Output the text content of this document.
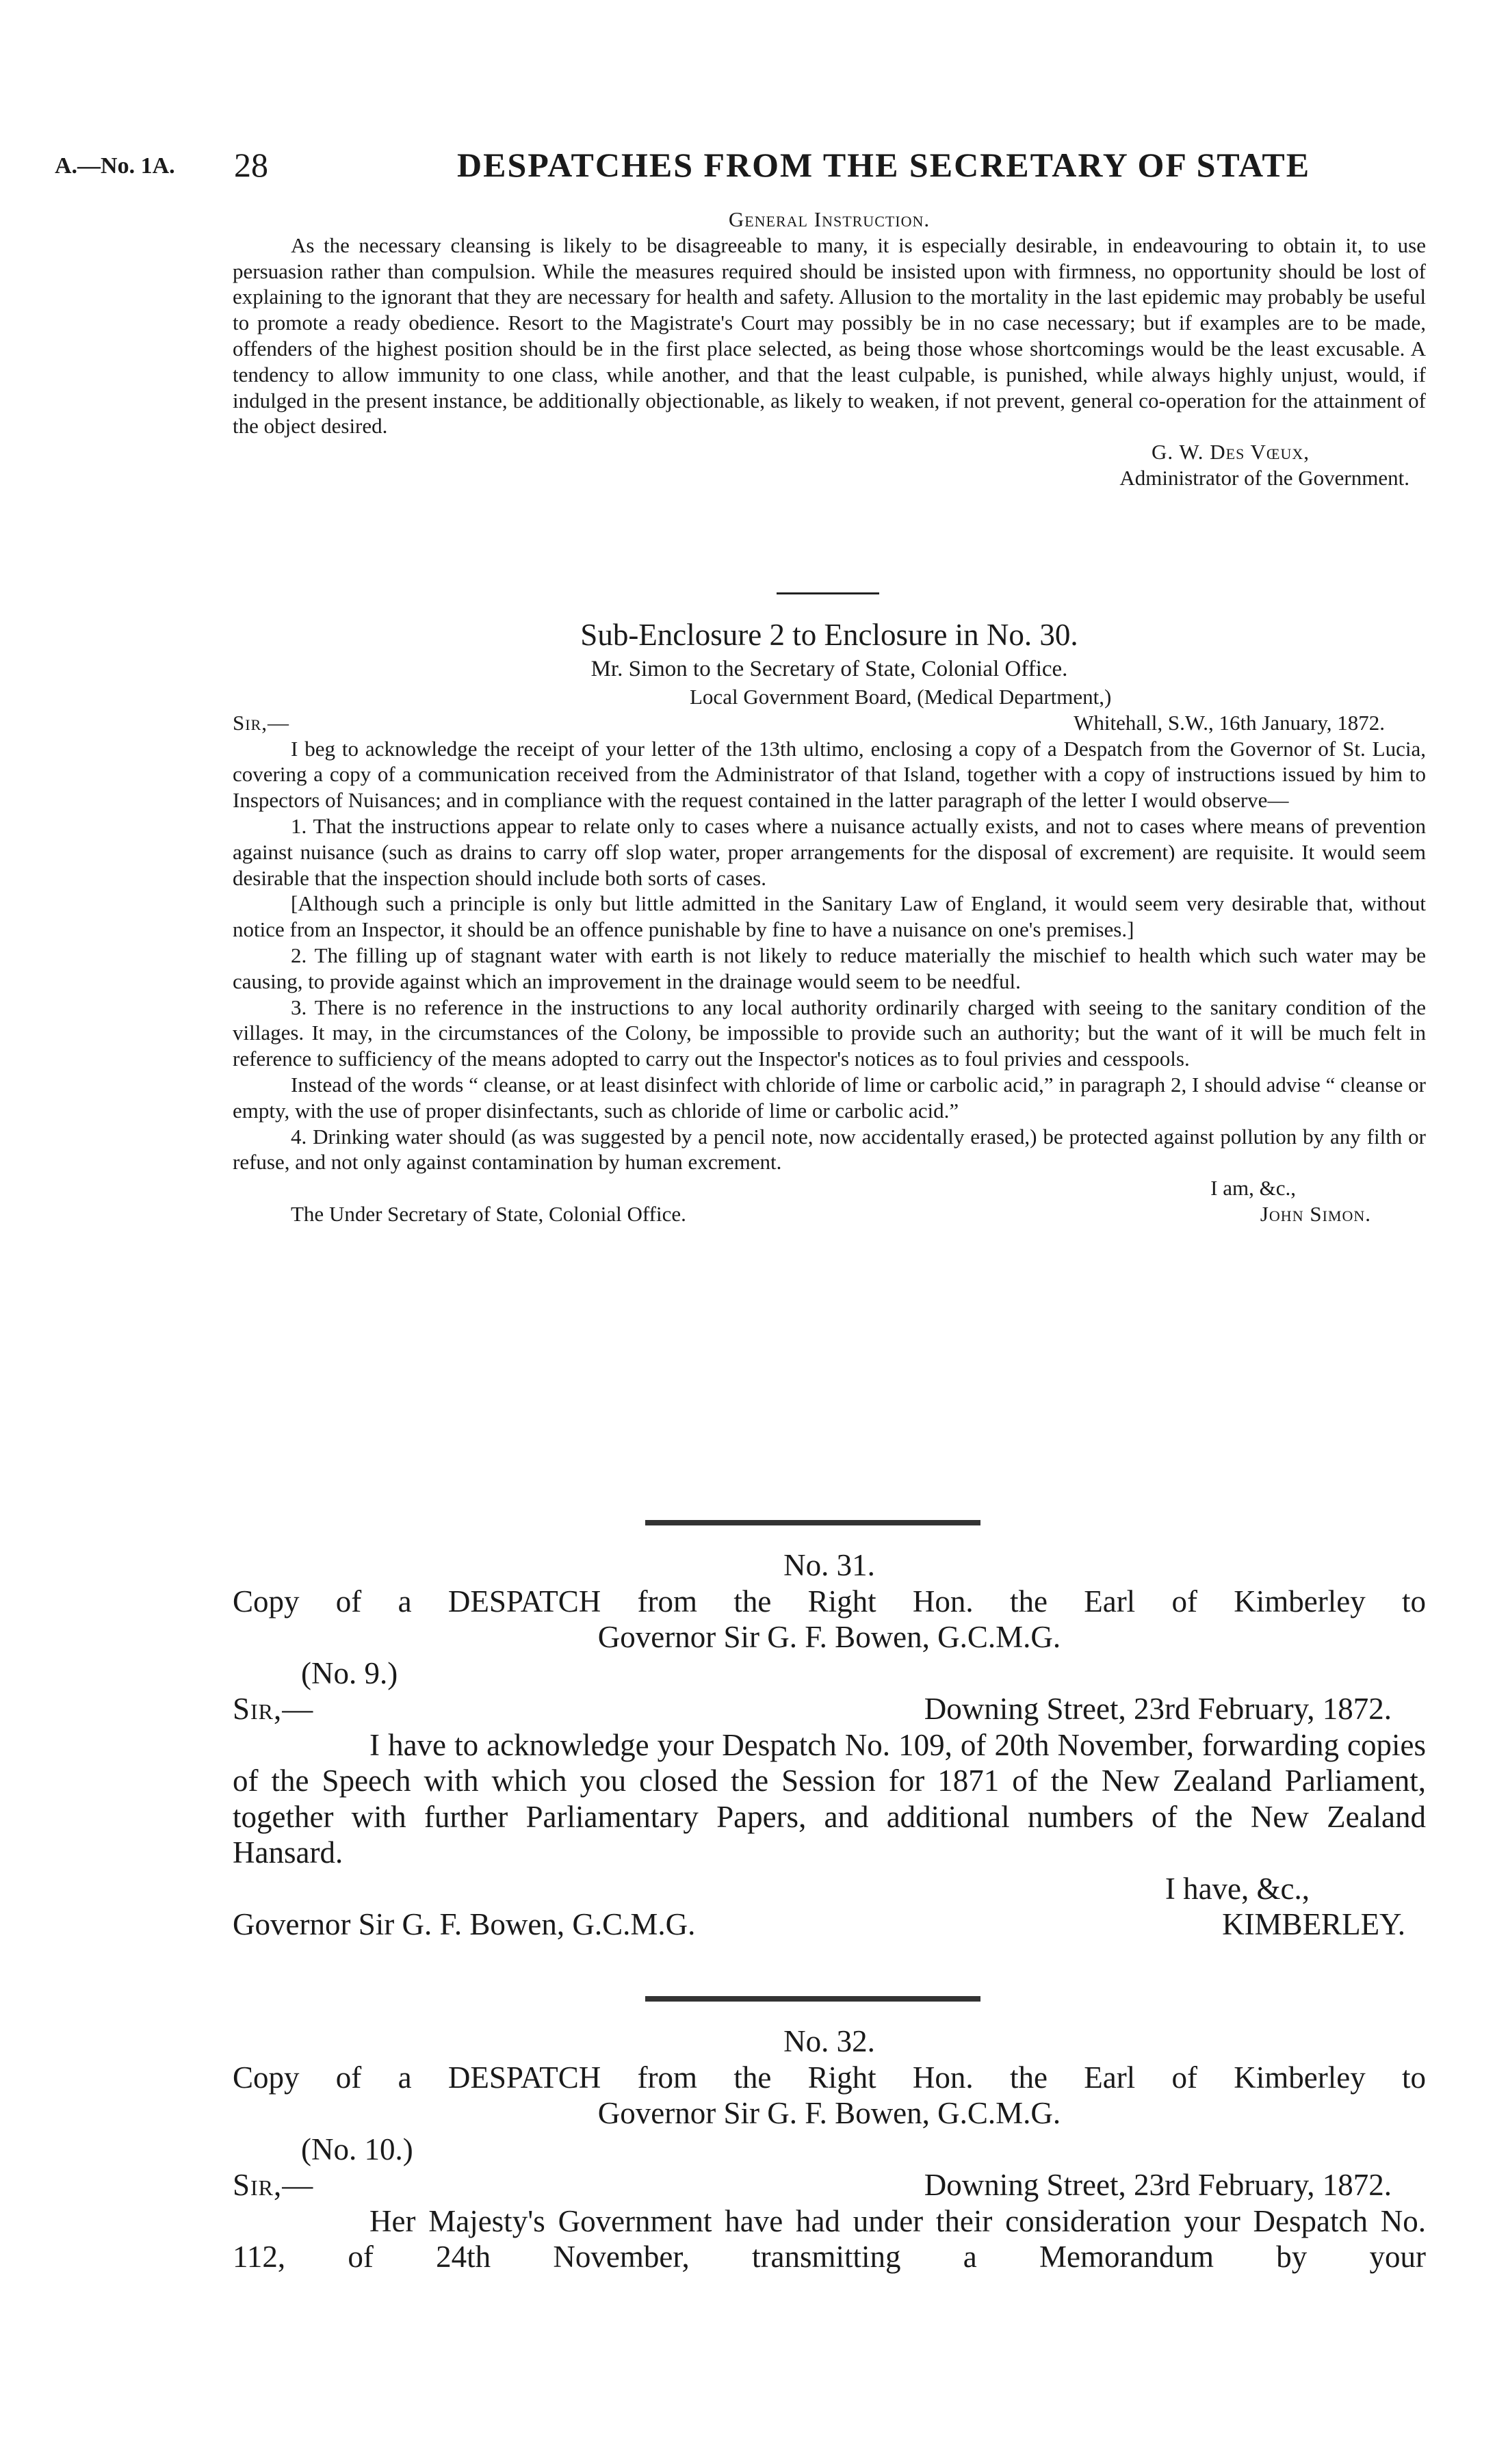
A.—No. 1A. 28	DESPATCHES FROM THE SECRETARY OF STATE

General Instruction.

As the necessary cleansing is likely to be disagreeable to many, it is especially desirable, in endeavouring to obtain it, to use persuasion rather than compulsion. While the measures required should be insisted upon with firmness, no opportunity should be lost of explaining to the ignorant that they are necessary for health and safety. Allusion to the mortality in the last epidemic may probably be useful to promote a ready obedience. Resort to the Magistrate's Court may possibly be in no case necessary; but if examples are to be made, offenders of the highest position should be in the first place selected, as being those whose shortcomings would be the least excusable. A tendency to allow immunity to one class, while another, and that the least culpable, is punished, while always highly unjust, would, if indulged in the present instance, be additionally objectionable, as likely to weaken, if not prevent, general co-operation for the attainment of the object desired.

G. W. Des Vœux,

Administrator of the Government.

Sub-Enclosure 2 to Enclosure in No. 30.

Mr. Simon to the Secretary of State, Colonial Office.

Local Government Board, (Medical Department,)

Sir,—	Whitehall, S.W., 16th January, 1872.

I beg to acknowledge the receipt of your letter of the 13th ultimo, enclosing a copy of a Despatch from the Governor of St. Lucia, covering a copy of a communication received from the Administrator of that Island, together with a copy of instructions issued by him to Inspectors of Nuisances; and in compliance with the request contained in the latter paragraph of the letter I would observe—

1. That the instructions appear to relate only to cases where a nuisance actually exists, and not to cases where means of prevention against nuisance (such as drains to carry off slop water, proper arrangements for the disposal of excrement) are requisite. It would seem desirable that the inspection should include both sorts of cases.

[Although such a principle is only but little admitted in the Sanitary Law of England, it would seem very desirable that, without notice from an Inspector, it should be an offence punishable by fine to have a nuisance on one's premises.]

2. The filling up of stagnant water with earth is not likely to reduce materially the mischief to health which such water may be causing, to provide against which an improvement in the drainage would seem to be needful.

3. There is no reference in the instructions to any local authority ordinarily charged with seeing to the sanitary condition of the villages. It may, in the circumstances of the Colony, be impossible to provide such an authority; but the want of it will be much felt in reference to sufficiency of the means adopted to carry out the Inspector's notices as to foul privies and cesspools.

Instead of the words “ cleanse, or at least disinfect with chloride of lime or carbolic acid,” in paragraph 2, I should advise “ cleanse or empty, with the use of proper disinfectants, such as chloride of lime or carbolic acid.”

4. Drinking water should (as was suggested by a pencil note, now accidentally erased,) be protected against pollution by any filth or refuse, and not only against contamination by human excrement.

I am, &c.,

The Under Secretary of State, Colonial Office.	John Simon.

No. 31.

Copy of a DESPATCH from the Right Hon. the Earl of Kimberley to

Governor Sir G. F. Bowen, G.C.M.G.

(No. 9.)

Sir,—	Downing Street, 23rd February, 1872.

I have to acknowledge your Despatch No. 109, of 20th November, forwarding copies of the Speech with which you closed the Session for 1871 of the New Zealand Parliament, together with further Parliamentary Papers, and additional numbers of the New Zealand Hansard.

I have, &c.,

Governor Sir G. F. Bowen, G.C.M.G.	KIMBERLEY.

No. 32.

Copy of a DESPATCH from the Right Hon. the Earl of Kimberley to

Governor Sir G. F. Bowen, G.C.M.G.

(No. 10.)

Sir,—	Downing Street, 23rd February, 1872.

Her Majesty's Government have had under their consideration your Despatch No. 112, of 24th November, transmitting a Memorandum by your
